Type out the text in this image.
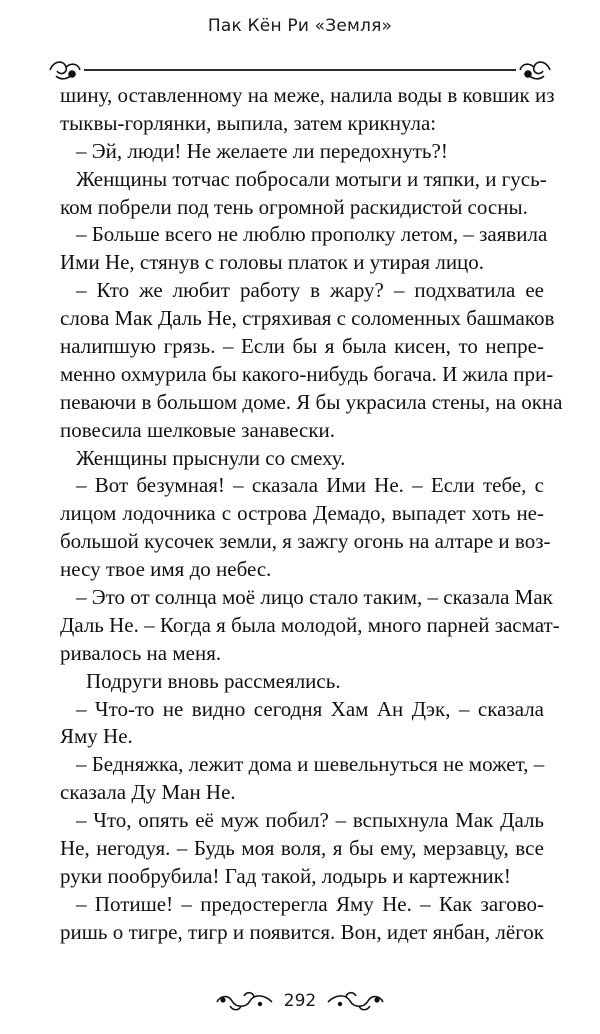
Пак Кён Ри «Земля»
шину, оставленному на меже, налила воды в ковшик из
тыквы-горлянки, выпила, затем крикнула:
– Эй, люди! Не желаете ли передохнуть?!
Женщины тотчас побросали мотыги и тяпки, и гусь-
ком побрели под тень огромной раскидистой сосны.
– Больше всего не люблю прополку летом, – заявила
Ими Не, стянув с головы платок и утирая лицо.
– Кто же любит работу в жару? – подхватила ее
слова Мак Даль Не, стряхивая с соломенных башмаков
налипшую грязь. – Если бы я была кисен, то непре-
менно охмурила бы какого-нибудь богача. И жила при-
певаючи в большом доме. Я бы украсила стены, на окна
повесила шелковые занавески.
Женщины прыснули со смеху.
– Вот безумная! – сказала Ими Не. – Если тебе, с
лицом лодочника с острова Демадо, выпадет хоть не-
большой кусочек земли, я зажгу огонь на алтаре и воз-
несу твое имя до небес.
– Это от солнца моё лицо стало таким, – сказала Мак
Даль Не. – Когда я была молодой, много парней засмат-
ривалось на меня.
Подруги вновь рассмеялись.
– Что-то не видно сегодня Хам Ан Дэк, – сказала
Яму Не.
– Бедняжка, лежит дома и шевельнуться не может, –
сказала Ду Ман Не.
– Что, опять её муж побил? – вспыхнула Мак Даль
Не, негодуя. – Будь моя воля, я бы ему, мерзавцу, все
руки пообрубила! Гад такой, лодырь и картежник!
– Потише! – предостерегла Яму Не. – Как загово-
ришь о тигре, тигр и появится. Вон, идет янбан, лёгок
292
